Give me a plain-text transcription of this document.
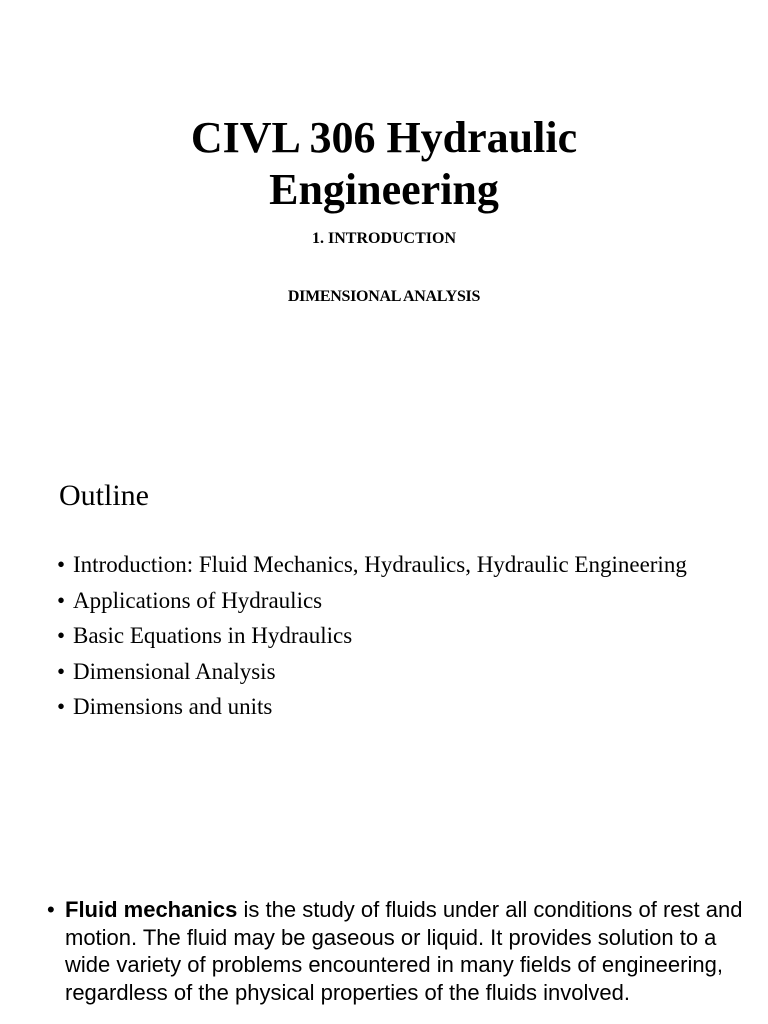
CIVL 306 Hydraulic
Engineering

1. INTRODUCTION

DIMENSIONAL ANALYSIS

Outline
• Introduction: Fluid Mechanics, Hydraulics, Hydraulic Engineering
• Applications of Hydraulics
• Basic Equations in Hydraulics
• Dimensional Analysis
• Dimensions and units

• Fluid mechanics is the study of fluids under all conditions of rest and motion. The fluid may be gaseous or liquid. It provides solution to a wide variety of problems encountered in many fields of engineering, regardless of the physical properties of the fluids involved.
